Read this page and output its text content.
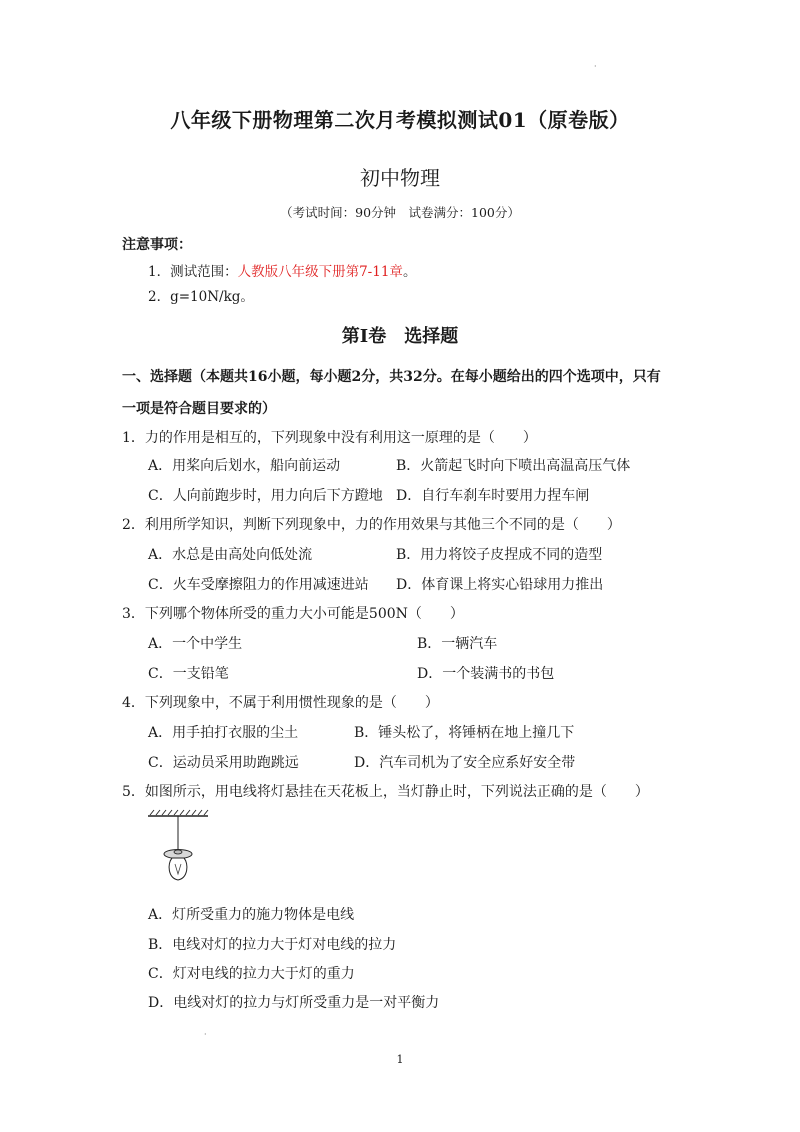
·
八年级下册物理第二次月考模拟测试01（原卷版）
初中物理
（考试时间：90分钟　试卷满分：100分）
注意事项：
1．测试范围：人教版八年级下册第7-11章。
2．g=10N/kg。
第Ⅰ卷　选择题
一、选择题（本题共16小题，每小题2分，共32分。在每小题给出的四个选项中，只有
一项是符合题目要求的）
1．力的作用是相互的，下列现象中没有利用这一原理的是（　　）
A．用桨向后划水，船向前运动	B．火箭起飞时向下喷出高温高压气体
C．人向前跑步时，用力向后下方蹬地 D．自行车刹车时要用力捏车闸
2．利用所学知识，判断下列现象中，力的作用效果与其他三个不同的是（　　）
A．水总是由高处向低处流	B．用力将饺子皮捏成不同的造型
C．火车受摩擦阻力的作用减速进站 D．体育课上将实心铅球用力推出
3．下列哪个物体所受的重力大小可能是500N（　　）
A．一个中学生	B．一辆汽车
C．一支铅笔	D．一个装满书的书包
4．下列现象中，不属于利用惯性现象的是（　　）
A．用手拍打衣服的尘土	B．锤头松了，将锤柄在地上撞几下
C．运动员采用助跑跳远	D．汽车司机为了安全应系好安全带
5．如图所示，用电线将灯悬挂在天花板上，当灯静止时，下列说法正确的是（　　）
A．灯所受重力的施力物体是电线
B．电线对灯的拉力大于灯对电线的拉力
C．灯对电线的拉力大于灯的重力
D．电线对灯的拉力与灯所受重力是一对平衡力
·
1
